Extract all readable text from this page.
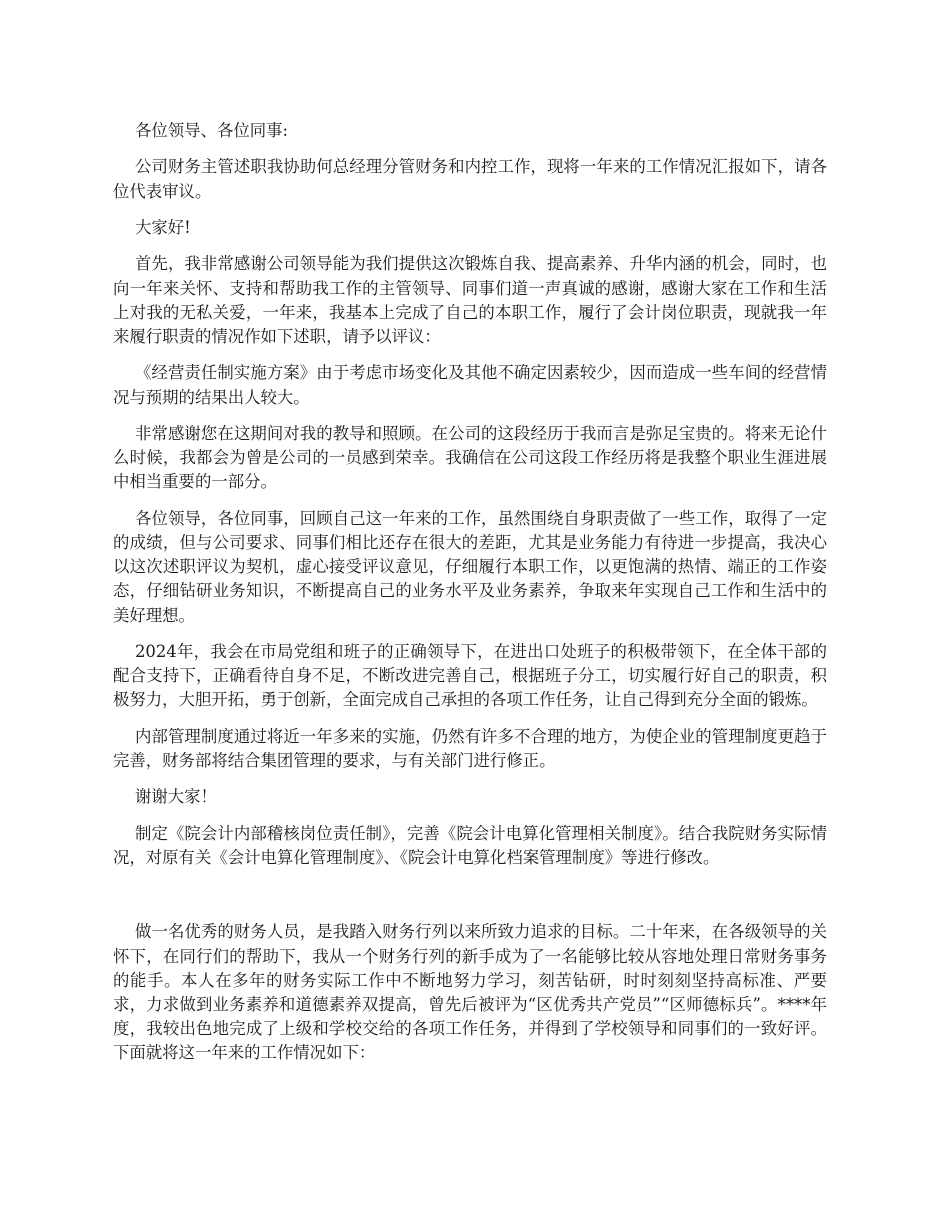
各位领导、各位同事:

公司财务主管述职我协助何总经理分管财务和内控工作，现将一年来的工作情况汇报如下，请各位代表审议。

大家好!

首先，我非常感谢公司领导能为我们提供这次锻炼自我、提高素养、升华内涵的机会，同时，也向一年来关怀、支持和帮助我工作的主管领导、同事们道一声真诚的感谢，感谢大家在工作和生活上对我的无私关爱，一年来，我基本上完成了自己的本职工作，履行了会计岗位职责，现就我一年来履行职责的情况作如下述职，请予以评议：

《经营责任制实施方案》由于考虑市场变化及其他不确定因素较少，因而造成一些车间的经营情况与预期的结果出人较大。

非常感谢您在这期间对我的教导和照顾。在公司的这段经历于我而言是弥足宝贵的。将来无论什么时候，我都会为曾是公司的一员感到荣幸。我确信在公司这段工作经历将是我整个职业生涯进展中相当重要的一部分。

各位领导，各位同事，回顾自己这一年来的工作，虽然围绕自身职责做了一些工作，取得了一定的成绩，但与公司要求、同事们相比还存在很大的差距，尤其是业务能力有待进一步提高，我决心以这次述职评议为契机，虚心接受评议意见，仔细履行本职工作，以更饱满的热情、端正的工作姿态，仔细钻研业务知识，不断提高自己的业务水平及业务素养，争取来年实现自己工作和生活中的美好理想。

2024年，我会在市局党组和班子的正确领导下，在进出口处班子的积极带领下，在全体干部的配合支持下，正确看待自身不足，不断改进完善自己，根据班子分工，切实履行好自己的职责，积极努力，大胆开拓，勇于创新，全面完成自己承担的各项工作任务，让自己得到充分全面的锻炼。

内部管理制度通过将近一年多来的实施，仍然有许多不合理的地方，为使企业的管理制度更趋于完善，财务部将结合集团管理的要求，与有关部门进行修正。

谢谢大家！

制定《院会计内部稽核岗位责任制》，完善《院会计电算化管理相关制度》。结合我院财务实际情况，对原有关《会计电算化管理制度》、《院会计电算化档案管理制度》等进行修改。

做一名优秀的财务人员，是我踏入财务行列以来所致力追求的目标。二十年来，在各级领导的关怀下，在同行们的帮助下，我从一个财务行列的新手成为了一名能够比较从容地处理日常财务事务的能手。本人在多年的财务实际工作中不断地努力学习，刻苦钻研，时时刻刻坚持高标准、严要求，力求做到业务素养和道德素养双提高，曾先后被评为“区优秀共产党员”“区师德标兵”。****年度，我较出色地完成了上级和学校交给的各项工作任务，并得到了学校领导和同事们的一致好评。下面就将这一年来的工作情况如下：
